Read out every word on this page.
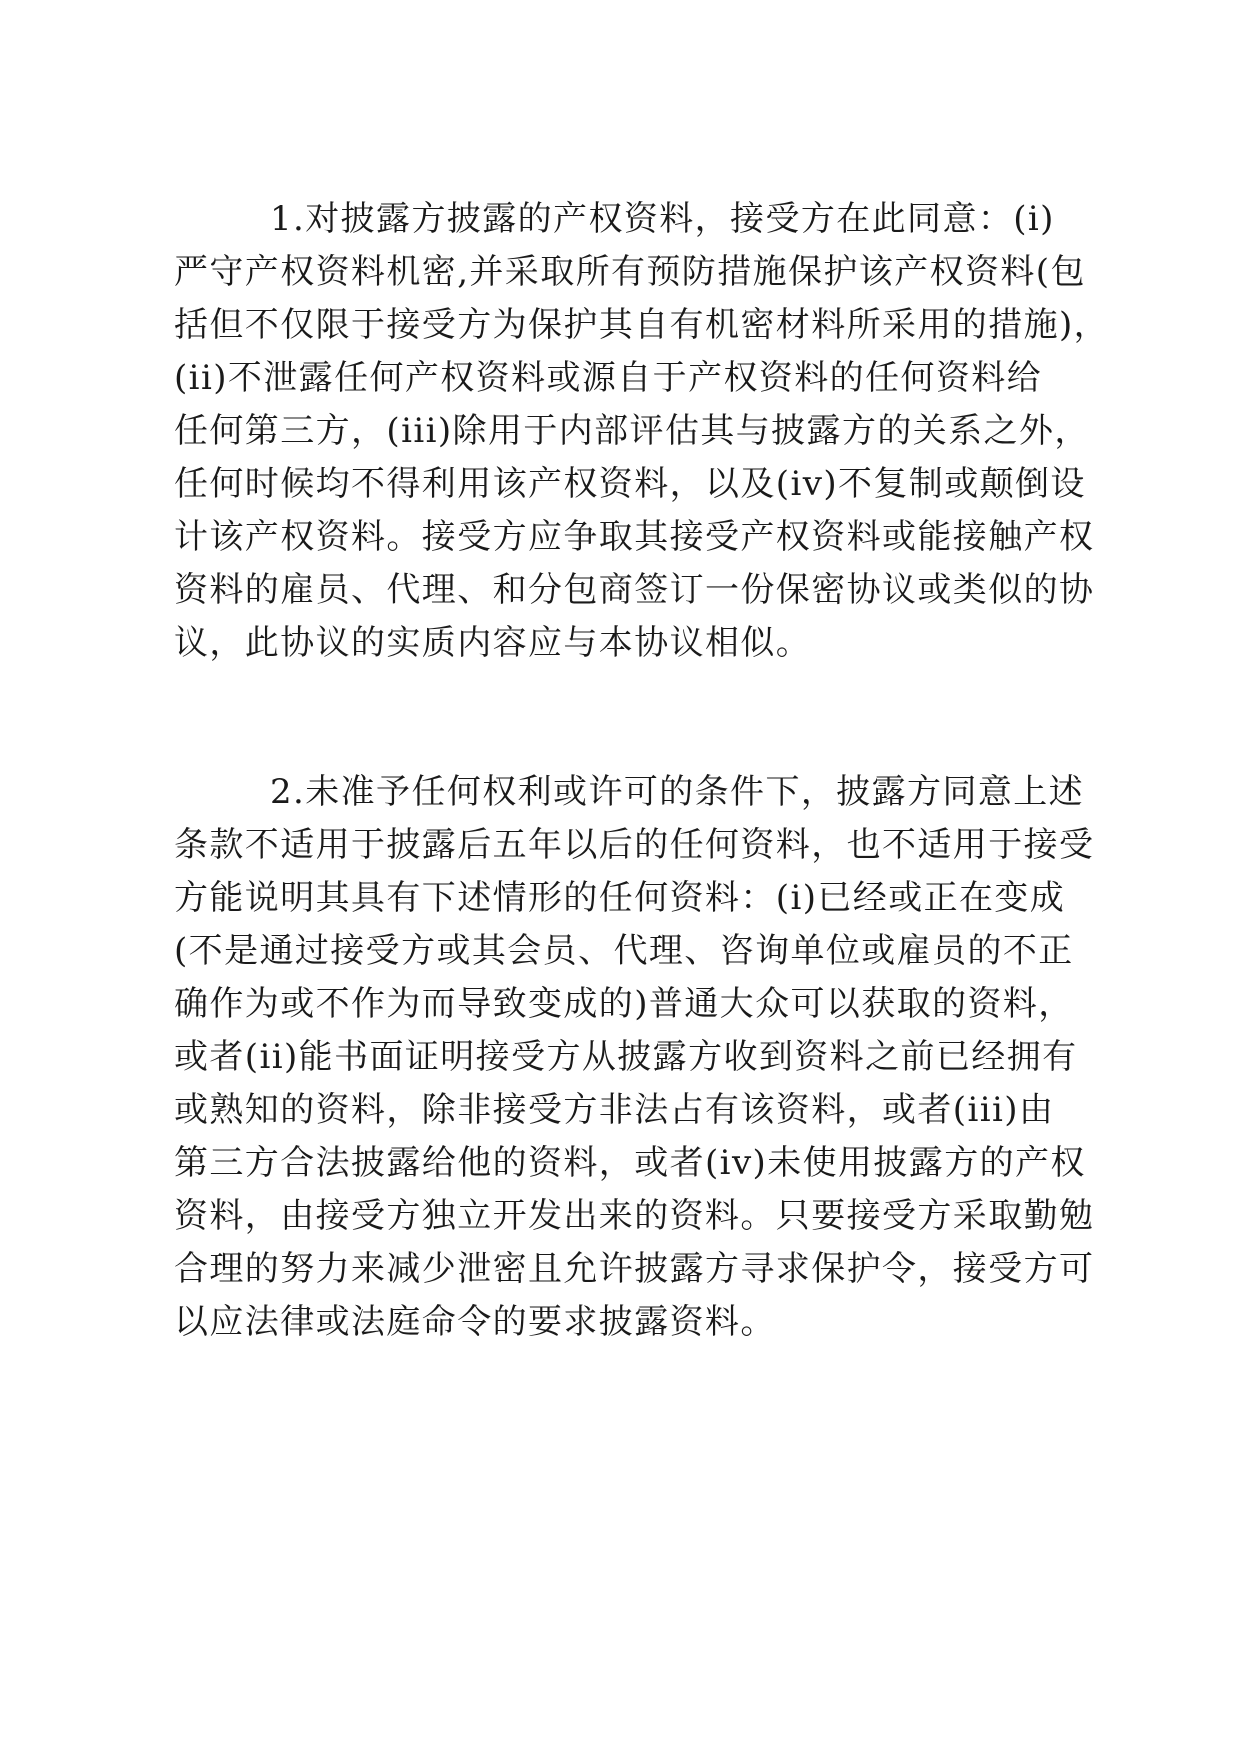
1.对披露方披露的产权资料，接受方在此同意：(i)
严守产权资料机密,并采取所有预防措施保护该产权资料(包
括但不仅限于接受方为保护其自有机密材料所采用的措施)，
(ii)不泄露任何产权资料或源自于产权资料的任何资料给
任何第三方，(iii)除用于内部评估其与披露方的关系之外，
任何时候均不得利用该产权资料，以及(iv)不复制或颠倒设
计该产权资料。接受方应争取其接受产权资料或能接触产权
资料的雇员、代理、和分包商签订一份保密协议或类似的协
议，此协议的实质内容应与本协议相似。
2.未准予任何权利或许可的条件下，披露方同意上述
条款不适用于披露后五年以后的任何资料，也不适用于接受
方能说明其具有下述情形的任何资料：(i)已经或正在变成
(不是通过接受方或其会员、代理、咨询单位或雇员的不正
确作为或不作为而导致变成的)普通大众可以获取的资料，
或者(ii)能书面证明接受方从披露方收到资料之前已经拥有
或熟知的资料，除非接受方非法占有该资料，或者(iii)由
第三方合法披露给他的资料，或者(iv)未使用披露方的产权
资料，由接受方独立开发出来的资料。只要接受方采取勤勉
合理的努力来减少泄密且允许披露方寻求保护令，接受方可
以应法律或法庭命令的要求披露资料。
